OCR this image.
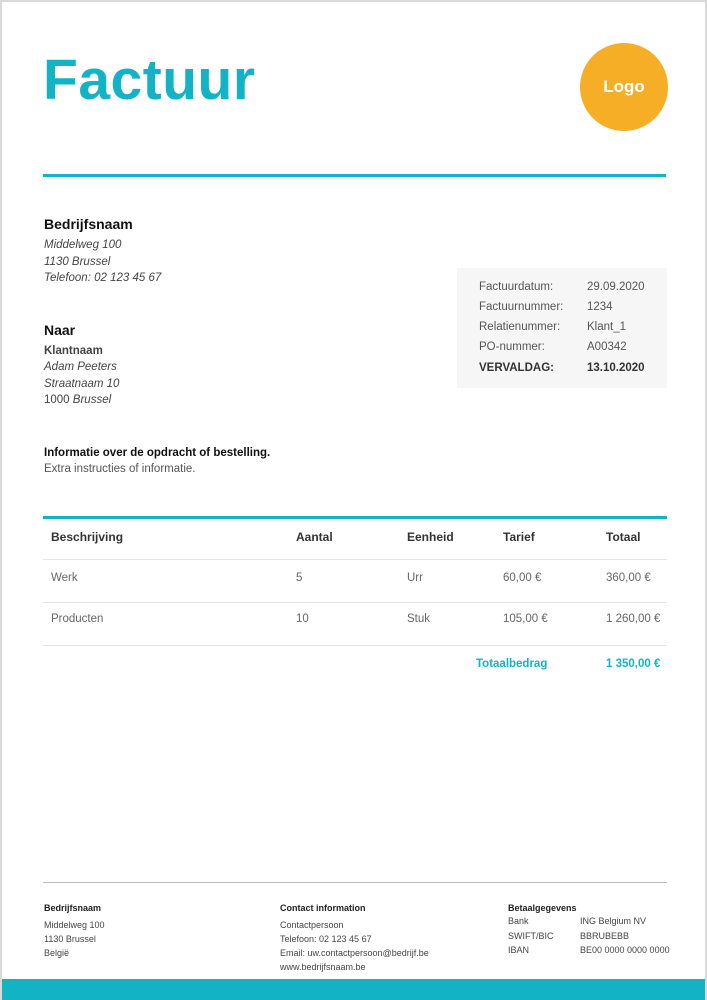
Factuur	Logo
Bedrijfsnaam
Middelweg 100
1130 Brussel
Telefoon: 02 123 45 67
Naar
Klantnaam
Adam Peeters
Straatnaam 10
1000 Brussel
Factuurdatum:	29.09.2020
Factuurnummer: 1234
Relatienummer: Klant_1
PO-nummer:	A00342
VERVALDAG:	13.10.2020
Informatie over de opdracht of bestelling.
Extra instructies of informatie.
Beschrijving	Aantal	Eenheid	Tarief	Totaal
Werk	5	Urr	60,00 €	360,00 €
Producten	10	Stuk	105,00 €	1 260,00 €
Totaalbedrag	1 350,00 €
Bedrijfsnaam
Middelweg 100
1130 Brussel
België
Contact information
Contactpersoon
Telefoon: 02 123 45 67
Email: uw.contactpersoon@bedrijf.be
www.bedrijfsnaam.be
Betaalgegevens
Bank	ING Belgium NV
SWIFT/BIC	BBRUBEBB
IBAN	BE00 0000 0000 0000
